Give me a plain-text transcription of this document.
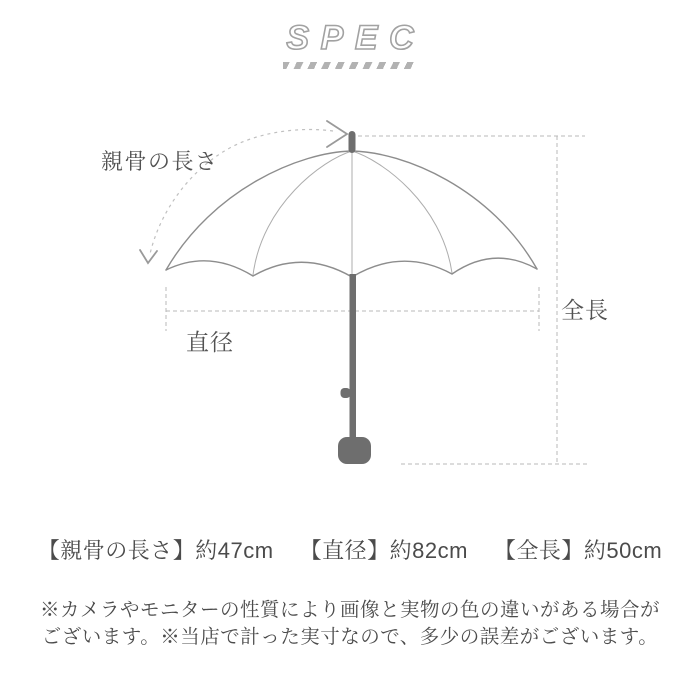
SPEC
親骨の長さ
直径
全長
【親骨の長さ】約47cm 【直径】約82cm 【全長】約50cm
※カメラやモニターの性質により画像と実物の色の違いがある場合が
ございます。※当店で計った実寸なので、多少の誤差がございます。
